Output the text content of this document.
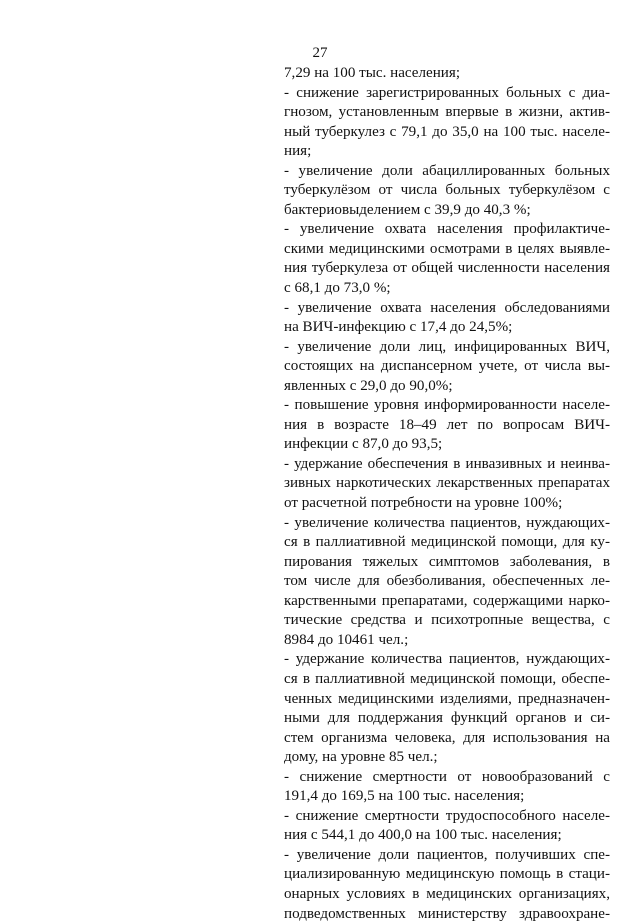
27
7,29 на 100 тыс. населения;
- снижение зарегистрированных больных с диа-
гнозом, установленным впервые в жизни, актив-
ный туберкулез с 79,1 до 35,0 на 100 тыс. населе-
ния;
- увеличение доли абациллированных больных
туберкулёзом от числа больных туберкулёзом с
бактериовыделением с 39,9 до 40,3 %;
- увеличение охвата населения профилактиче-
скими медицинскими осмотрами в целях выявле-
ния туберкулеза от общей численности населения
с 68,1 до 73,0 %;
- увеличение охвата населения обследованиями
на ВИЧ-инфекцию с 17,4 до 24,5%;
- увеличение доли лиц, инфицированных ВИЧ,
состоящих на диспансерном учете, от числа вы-
явленных с 29,0 до 90,0%;
- повышение уровня информированности населе-
ния в возрасте 18–49 лет по вопросам ВИЧ-
инфекции с 87,0 до 93,5;
- удержание обеспечения в инвазивных и неинва-
зивных наркотических лекарственных препаратах
от расчетной потребности на уровне 100%;
- увеличение количества пациентов, нуждающих-
ся в паллиативной медицинской помощи, для ку-
пирования тяжелых симптомов заболевания, в
том числе для обезболивания, обеспеченных ле-
карственными препаратами, содержащими нарко-
тические средства и психотропные вещества, с
8984 до 10461 чел.;
- удержание количества пациентов, нуждающих-
ся в паллиативной медицинской помощи, обеспе-
ченных медицинскими изделиями, предназначен-
ными для поддержания функций органов и си-
стем организма человека, для использования на
дому, на уровне 85 чел.;
- снижение смертности от новообразований с
191,4 до 169,5 на 100 тыс. населения;
- снижение смертности трудоспособного населе-
ния с 544,1 до 400,0 на 100 тыс. населения;
- увеличение доли пациентов, получивших спе-
циализированную медицинскую помощь в стаци-
онарных условиях в медицинских организациях,
подведомственных министерству здравоохране-
